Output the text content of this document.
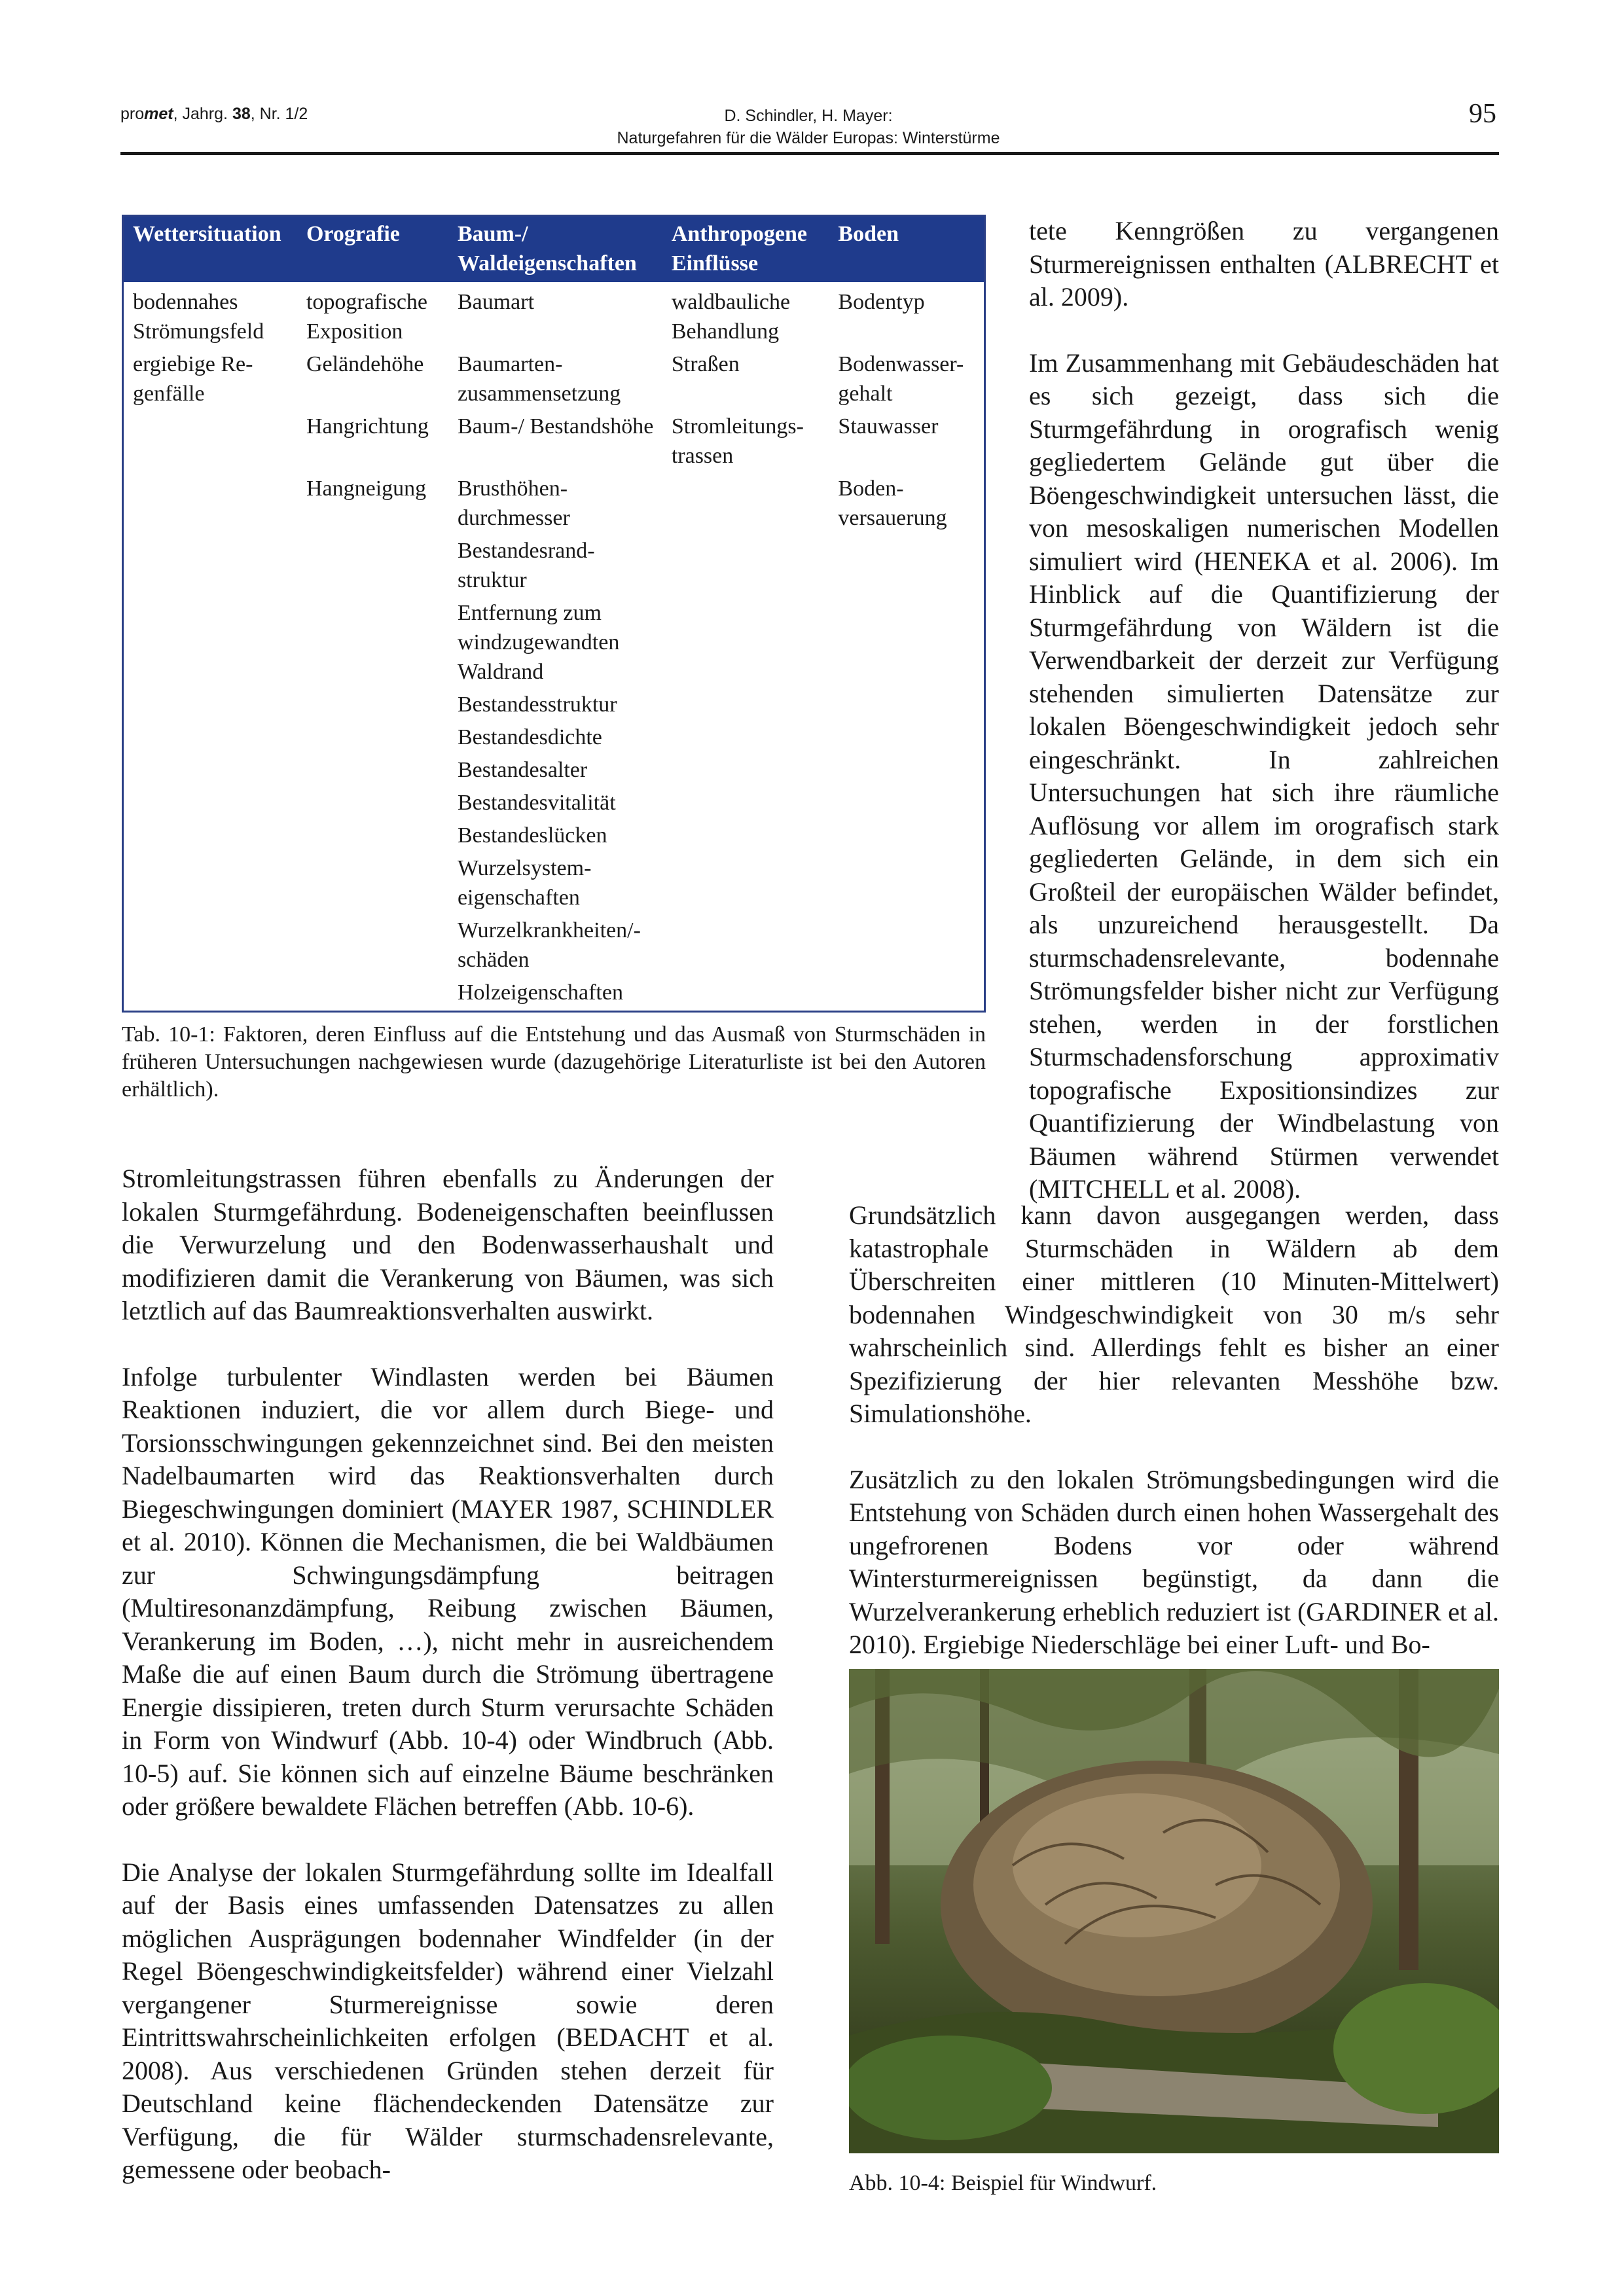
promet, Jahrg. 38, Nr. 1/2	D. Schindler, H. Mayer:
Naturgefahren für die Wälder Europas: Winterstürme
95
Wettersituation	Orografie	Baum-/ Waldeigenschaften	Anthropogene Einflüsse	Boden
bodennahes Strömungsfeld	topografische Exposition	Baumart	waldbauliche Behandlung	Bodentyp
ergiebige Re-genfälle	Geländehöhe	Baumarten-zusammensetzung	Straßen	Bodenwasser-gehalt
	Hangrichtung	Baum-/ Bestandshöhe	Stromleitungs-trassen	Stauwasser
	Hangneigung	Brusthöhen-durchmesser		Boden-versauerung
		Bestandesrand-struktur		
		Entfernung zum windzugewandten Waldrand		
		Bestandesstruktur		
		Bestandesdichte		
		Bestandesalter		
		Bestandesvitalität		
		Bestandeslücken		
		Wurzelsystem-eigenschaften		
		Wurzelkrankheiten/-schäden		
		Holzeigenschaften		
Tab. 10-1: Faktoren, deren Einfluss auf die Entstehung und das Ausmaß von Sturmschäden in früheren Untersuchungen nachgewiesen wurde (dazugehörige Literaturliste ist bei den Autoren erhältlich).

tete Kenngrößen zu vergangenen Sturmereignissen enthalten (ALBRECHT et al. 2009).

Im Zusammenhang mit Gebäudeschäden hat es sich gezeigt, dass sich die Sturmgefährdung in orografisch wenig gegliedertem Gelände gut über die Böengeschwindigkeit untersuchen lässt, die von mesoskaligen numerischen Modellen simuliert wird (HENEKA et al. 2006). Im Hinblick auf die Quantifizierung der Sturmgefährdung von Wäldern ist die Verwendbarkeit der derzeit zur Verfügung stehenden simulierten Datensätze zur lokalen Böengeschwindigkeit jedoch sehr eingeschränkt. In zahlreichen Untersuchungen hat sich ihre räumliche Auflösung vor allem im orografisch stark gegliederten Gelände, in dem sich ein Großteil der europäischen Wälder befindet, als unzureichend herausgestellt. Da sturmschadensrelevante, bodennahe Strömungsfelder bisher nicht zur Verfügung stehen, werden in der forstlichen Sturmschadensforschung approximativ topografische Expositionsindizes zur Quantifizierung der Windbelastung von Bäumen während Stürmen verwendet (MITCHELL et al. 2008).

Stromleitungstrassen führen ebenfalls zu Änderungen der lokalen Sturmgefährdung. Bodeneigenschaften beeinflussen die Verwurzelung und den Bodenwasserhaushalt und modifizieren damit die Verankerung von Bäumen, was sich letztlich auf das Baumreaktionsverhalten auswirkt.

Infolge turbulenter Windlasten werden bei Bäumen Reaktionen induziert, die vor allem durch Biege- und Torsionsschwingungen gekennzeichnet sind. Bei den meisten Nadelbaumarten wird das Reaktionsverhalten durch Biegeschwingungen dominiert (MAYER 1987, SCHINDLER et al. 2010). Können die Mechanismen, die bei Waldbäumen zur Schwingungsdämpfung beitragen (Multiresonanzdämpfung, Reibung zwischen Bäumen, Verankerung im Boden, …), nicht mehr in ausreichendem Maße die auf einen Baum durch die Strömung übertragene Energie dissipieren, treten durch Sturm verursachte Schäden in Form von Windwurf (Abb. 10-4) oder Windbruch (Abb. 10-5) auf. Sie können sich auf einzelne Bäume beschränken oder größere bewaldete Flächen betreffen (Abb. 10-6).

Die Analyse der lokalen Sturmgefährdung sollte im Idealfall auf der Basis eines umfassenden Datensatzes zu allen möglichen Ausprägungen bodennaher Windfelder (in der Regel Böengeschwindigkeitsfelder) während einer Vielzahl vergangener Sturmereignisse sowie deren Eintrittswahrscheinlichkeiten erfolgen (BEDACHT et al. 2008). Aus verschiedenen Gründen stehen derzeit für Deutschland keine flächendeckenden Datensätze zur Verfügung, die für Wälder sturmschadensrelevante, gemessene oder beobach-

Grundsätzlich kann davon ausgegangen werden, dass katastrophale Sturmschäden in Wäldern ab dem Überschreiten einer mittleren (10 Minuten-Mittelwert) bodennahen Windgeschwindigkeit von 30 m/s sehr wahrscheinlich sind. Allerdings fehlt es bisher an einer Spezifizierung der hier relevanten Messhöhe bzw. Simulationshöhe.

Zusätzlich zu den lokalen Strömungsbedingungen wird die Entstehung von Schäden durch einen hohen Wassergehalt des ungefrorenen Bodens vor oder während Wintersturmereignissen begünstigt, da dann die Wurzelverankerung erheblich reduziert ist (GARDINER et al. 2010). Ergiebige Niederschläge bei einer Luft- und Bo-

Abb. 10-4: Beispiel für Windwurf.
